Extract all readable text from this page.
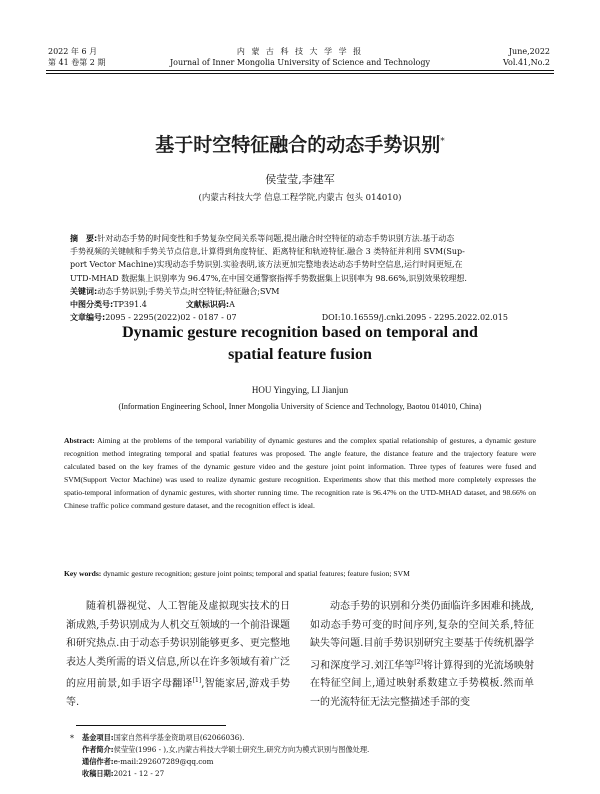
2022 年 6 月
第 41 卷第 2 期
内 蒙 古 科 技 大 学 学 报
Journal of Inner Mongolia University of Science and Technology
June,2022
Vol.41,No.2
基于时空特征融合的动态手势识别*
侯莹莹,李建军
(内蒙古科技大学 信息工程学院,内蒙古 包头 014010)
摘　要:针对动态手势的时间变性和手势复杂空间关系等问题,提出融合时空特征的动态手势识别方法.基于动态
手势视频的关键帧和手势关节点信息,计算得到角度特征、距离特征和轨迹特征.融合 3 类特征并利用 SVM(Sup-
port Vector Machine)实现动态手势识别.实验表明,该方法更加完整地表达动态手势时空信息,运行时间更短,在
UTD-MHAD 数据集上识别率为 96.47%,在中国交通警察指挥手势数据集上识别率为 98.66%,识别效果较理想.
关键词:动态手势识别;手势关节点;时空特征;特征融合;SVM
中图分类号:TP391.4	文献标识码:A
文章编号:2095 - 2295(2022)02 - 0187 - 07	DOI:10.16559/j.cnki.2095 - 2295.2022.02.015
Dynamic gesture recognition based on temporal and
spatial feature fusion
HOU Yingying, LI Jianjun
(Information Engineering School, Inner Mongolia University of Science and Technology, Baotou 014010, China)
Abstract: Aiming at the problems of the temporal variability of dynamic gestures and the complex spatial relationship of gestures, a dynamic gesture recognition method integrating temporal and spatial features was proposed. The angle feature, the distance feature and the trajectory feature were calculated based on the key frames of the dynamic gesture video and the gesture joint point information. Three types of features were fused and SVM(Support Vector Machine) was used to realize dynamic gesture recognition. Experiments show that this method more completely expresses the spatio-temporal information of dynamic gestures, with shorter running time. The recognition rate is 96.47% on the UTD-MHAD dataset, and 98.66% on Chinese traffic police command gesture dataset, and the recognition effect is ideal.
Key words: dynamic gesture recognition; gesture joint points; temporal and spatial features; feature fusion; SVM
随着机器视觉、人工智能及虚拟现实技术的日渐成熟,手势识别成为人机交互领域的一个前沿课题和研究热点.由于动态手势识别能够更多、更完整地表达人类所需的语义信息,所以在许多领域有着广泛的应用前景,如手语字母翻译[1],智能家居,游戏手势等.
动态手势的识别和分类仍面临许多困难和挑战,如动态手势可变的时间序列,复杂的空间关系,特征缺失等问题.目前手势识别研究主要基于传统机器学习和深度学习.刘江华等[2]将计算得到的光流场映射在特征空间上,通过映射系数建立手势模板.然而单一的光流特征无法完整描述手部的变
* 基金项目:国家自然科学基金资助项目(62066036).
作者简介:侯莹莹(1996 - ),女,内蒙古科技大学硕士研究生,研究方向为模式识别与图像处理.
通信作者:e-mail:292607289@qq.com
收稿日期:2021 - 12 - 27
